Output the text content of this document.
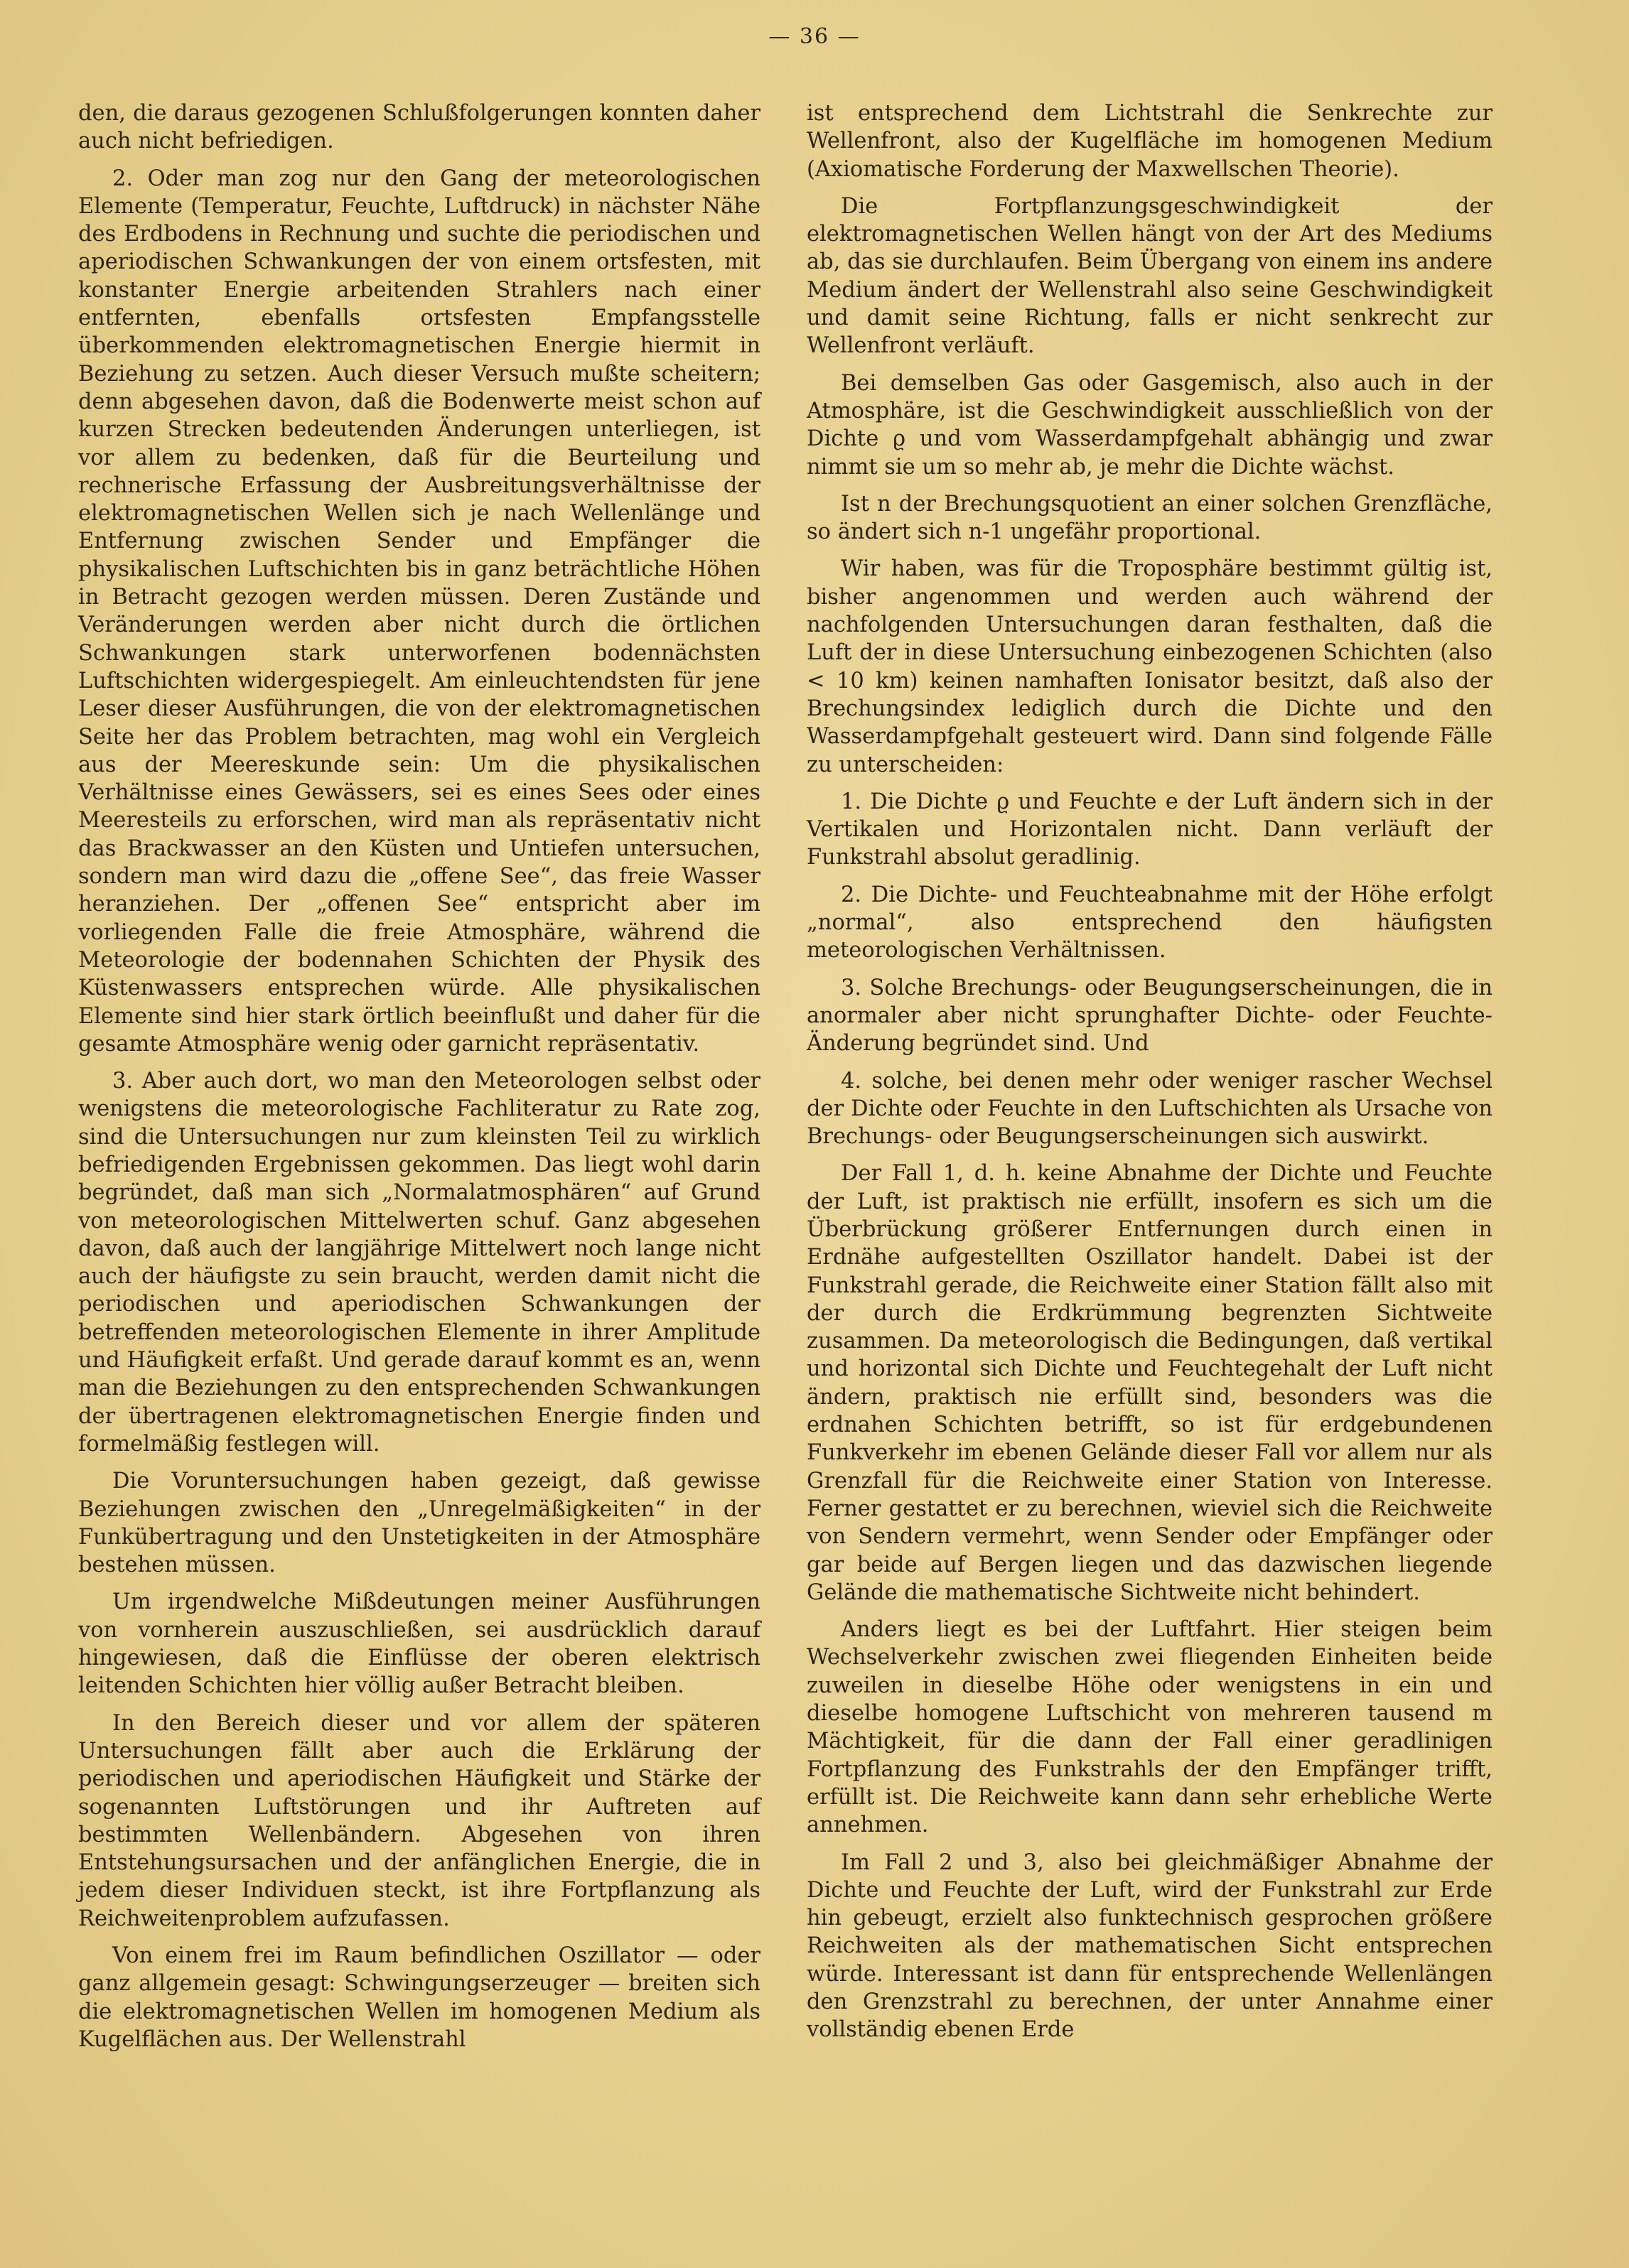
— 36 —

den, die daraus gezogenen Schlußfolgerungen konnten daher auch nicht befriedigen.

2. Oder man zog nur den Gang der meteorologischen Elemente (Temperatur, Feuchte, Luftdruck) in nächster Nähe des Erdbodens in Rechnung und suchte die periodischen und aperiodischen Schwankungen der von einem ortsfesten, mit konstanter Energie arbeitenden Strahlers nach einer entfernten, ebenfalls ortsfesten Empfangsstelle überkommenden elektromagnetischen Energie hiermit in Beziehung zu setzen. Auch dieser Versuch mußte scheitern; denn abgesehen davon, daß die Bodenwerte meist schon auf kurzen Strecken bedeutenden Änderungen unterliegen, ist vor allem zu bedenken, daß für die Beurteilung und rechnerische Erfassung der Ausbreitungsverhältnisse der elektromagnetischen Wellen sich je nach Wellenlänge und Entfernung zwischen Sender und Empfänger die physikalischen Luftschichten bis in ganz beträchtliche Höhen in Betracht gezogen werden müssen. Deren Zustände und Veränderungen werden aber nicht durch die örtlichen Schwankungen stark unterworfenen bodennächsten Luftschichten widergespiegelt. Am einleuchtendsten für jene Leser dieser Ausführungen, die von der elektromagnetischen Seite her das Problem betrachten, mag wohl ein Vergleich aus der Meereskunde sein: Um die physikalischen Verhältnisse eines Gewässers, sei es eines Sees oder eines Meeresteils zu erforschen, wird man als repräsentativ nicht das Brackwasser an den Küsten und Untiefen untersuchen, sondern man wird dazu die „offene See“, das freie Wasser heranziehen. Der „offenen See“ entspricht aber im vorliegenden Falle die freie Atmosphäre, während die Meteorologie der bodennahen Schichten der Physik des Küstenwassers entsprechen würde. Alle physikalischen Elemente sind hier stark örtlich beeinflußt und daher für die gesamte Atmosphäre wenig oder garnicht repräsentativ.

3. Aber auch dort, wo man den Meteorologen selbst oder wenigstens die meteorologische Fachliteratur zu Rate zog, sind die Untersuchungen nur zum kleinsten Teil zu wirklich befriedigenden Ergebnissen gekommen. Das liegt wohl darin begründet, daß man sich „Normalatmosphären“ auf Grund von meteorologischen Mittelwerten schuf. Ganz abgesehen davon, daß auch der langjährige Mittelwert noch lange nicht auch der häufigste zu sein braucht, werden damit nicht die periodischen und aperiodischen Schwankungen der betreffenden meteorologischen Elemente in ihrer Amplitude und Häufigkeit erfaßt. Und gerade darauf kommt es an, wenn man die Beziehungen zu den entsprechenden Schwankungen der übertragenen elektromagnetischen Energie finden und formelmäßig festlegen will.

Die Voruntersuchungen haben gezeigt, daß gewisse Beziehungen zwischen den „Unregelmäßigkeiten“ in der Funkübertragung und den Unstetigkeiten in der Atmosphäre bestehen müssen.

Um irgendwelche Mißdeutungen meiner Ausführungen von vornherein auszuschließen, sei ausdrücklich darauf hingewiesen, daß die Einflüsse der oberen elektrisch leitenden Schichten hier völlig außer Betracht bleiben.

In den Bereich dieser und vor allem der späteren Untersuchungen fällt aber auch die Erklärung der periodischen und aperiodischen Häufigkeit und Stärke der sogenannten Luftstörungen und ihr Auftreten auf bestimmten Wellenbändern. Abgesehen von ihren Entstehungsursachen und der anfänglichen Energie, die in jedem dieser Individuen steckt, ist ihre Fortpflanzung als Reichweitenproblem aufzufassen.

Von einem frei im Raum befindlichen Oszillator — oder ganz allgemein gesagt: Schwingungserzeuger — breiten sich die elektromagnetischen Wellen im homogenen Medium als Kugelflächen aus. Der Wellenstrahl

ist entsprechend dem Lichtstrahl die Senkrechte zur Wellenfront, also der Kugelfläche im homogenen Medium (Axiomatische Forderung der Maxwellschen Theorie).

Die Fortpflanzungsgeschwindigkeit der elektromagnetischen Wellen hängt von der Art des Mediums ab, das sie durchlaufen. Beim Übergang von einem ins andere Medium ändert der Wellenstrahl also seine Geschwindigkeit und damit seine Richtung, falls er nicht senkrecht zur Wellenfront verläuft.

Bei demselben Gas oder Gasgemisch, also auch in der Atmosphäre, ist die Geschwindigkeit ausschließlich von der Dichte ϱ und vom Wasserdampfgehalt abhängig und zwar nimmt sie um so mehr ab, je mehr die Dichte wächst.

Ist n der Brechungsquotient an einer solchen Grenzfläche, so ändert sich n-1 ungefähr proportional.

Wir haben, was für die Troposphäre bestimmt gültig ist, bisher angenommen und werden auch während der nachfolgenden Untersuchungen daran festhalten, daß die Luft der in diese Untersuchung einbezogenen Schichten (also < 10 km) keinen namhaften Ionisator besitzt, daß also der Brechungsindex lediglich durch die Dichte und den Wasserdampfgehalt gesteuert wird. Dann sind folgende Fälle zu unterscheiden:

1. Die Dichte ϱ und Feuchte e der Luft ändern sich in der Vertikalen und Horizontalen nicht. Dann verläuft der Funkstrahl absolut geradlinig.

2. Die Dichte- und Feuchteabnahme mit der Höhe erfolgt „normal“, also entsprechend den häufigsten meteorologischen Verhältnissen.

3. Solche Brechungs- oder Beugungserscheinungen, die in anormaler aber nicht sprunghafter Dichte- oder Feuchte-Änderung begründet sind. Und

4. solche, bei denen mehr oder weniger rascher Wechsel der Dichte oder Feuchte in den Luftschichten als Ursache von Brechungs- oder Beugungserscheinungen sich auswirkt.

Der Fall 1, d. h. keine Abnahme der Dichte und Feuchte der Luft, ist praktisch nie erfüllt, insofern es sich um die Überbrückung größerer Entfernungen durch einen in Erdnähe aufgestellten Oszillator handelt. Dabei ist der Funkstrahl gerade, die Reichweite einer Station fällt also mit der durch die Erdkrümmung begrenzten Sichtweite zusammen. Da meteorologisch die Bedingungen, daß vertikal und horizontal sich Dichte und Feuchtegehalt der Luft nicht ändern, praktisch nie erfüllt sind, besonders was die erdnahen Schichten betrifft, so ist für erdgebundenen Funkverkehr im ebenen Gelände dieser Fall vor allem nur als Grenzfall für die Reichweite einer Station von Interesse. Ferner gestattet er zu berechnen, wieviel sich die Reichweite von Sendern vermehrt, wenn Sender oder Empfänger oder gar beide auf Bergen liegen und das dazwischen liegende Gelände die mathematische Sichtweite nicht behindert.

Anders liegt es bei der Luftfahrt. Hier steigen beim Wechselverkehr zwischen zwei fliegenden Einheiten beide zuweilen in dieselbe Höhe oder wenigstens in ein und dieselbe homogene Luftschicht von mehreren tausend m Mächtigkeit, für die dann der Fall einer geradlinigen Fortpflanzung des Funkstrahls der den Empfänger trifft, erfüllt ist. Die Reichweite kann dann sehr erhebliche Werte annehmen.

Im Fall 2 und 3, also bei gleichmäßiger Abnahme der Dichte und Feuchte der Luft, wird der Funkstrahl zur Erde hin gebeugt, erzielt also funktechnisch gesprochen größere Reichweiten als der mathematischen Sicht entsprechen würde. Interessant ist dann für entsprechende Wellenlängen den Grenzstrahl zu berechnen, der unter Annahme einer vollständig ebenen Erde
